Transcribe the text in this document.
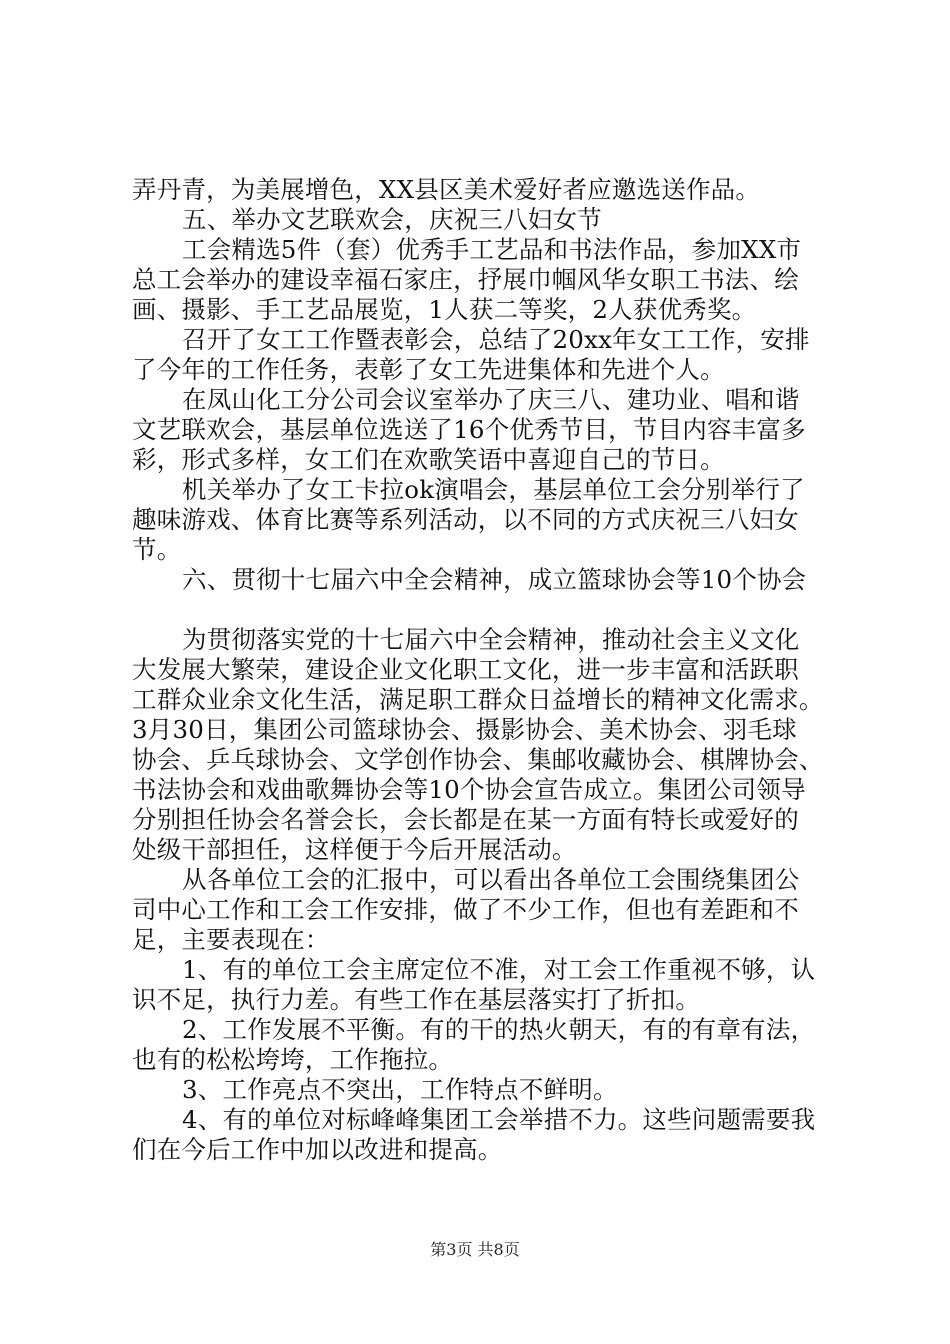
弄丹青，为美展增色，XX县区美术爱好者应邀选送作品。
五、举办文艺联欢会，庆祝三八妇女节
工会精选5件（套）优秀手工艺品和书法作品，参加XX市
总工会举办的建设幸福石家庄，抒展巾帼风华女职工书法、绘
画、摄影、手工艺品展览，1人获二等奖，2人获优秀奖。
召开了女工工作暨表彰会，总结了20xx年女工工作，安排
了今年的工作任务，表彰了女工先进集体和先进个人。
在凤山化工分公司会议室举办了庆三八、建功业、唱和谐
文艺联欢会，基层单位选送了16个优秀节目，节目内容丰富多
彩，形式多样，女工们在欢歌笑语中喜迎自己的节日。
机关举办了女工卡拉ok演唱会，基层单位工会分别举行了
趣味游戏、体育比赛等系列活动，以不同的方式庆祝三八妇女
节。
六、贯彻十七届六中全会精神，成立篮球协会等10个协会
为贯彻落实党的十七届六中全会精神，推动社会主义文化
大发展大繁荣，建设企业文化职工文化，进一步丰富和活跃职
工群众业余文化生活，满足职工群众日益增长的精神文化需求。
3月30日，集团公司篮球协会、摄影协会、美术协会、羽毛球
协会、乒乓球协会、文学创作协会、集邮收藏协会、棋牌协会、
书法协会和戏曲歌舞协会等10个协会宣告成立。集团公司领导
分别担任协会名誉会长，会长都是在某一方面有特长或爱好的
处级干部担任，这样便于今后开展活动。
从各单位工会的汇报中，可以看出各单位工会围绕集团公
司中心工作和工会工作安排，做了不少工作，但也有差距和不
足，主要表现在：
1、有的单位工会主席定位不准，对工会工作重视不够，认
识不足，执行力差。有些工作在基层落实打了折扣。
2、工作发展不平衡。有的干的热火朝天，有的有章有法，
也有的松松垮垮，工作拖拉。
3、工作亮点不突出，工作特点不鲜明。
4、有的单位对标峰峰集团工会举措不力。这些问题需要我
们在今后工作中加以改进和提高。
第3页 共8页
